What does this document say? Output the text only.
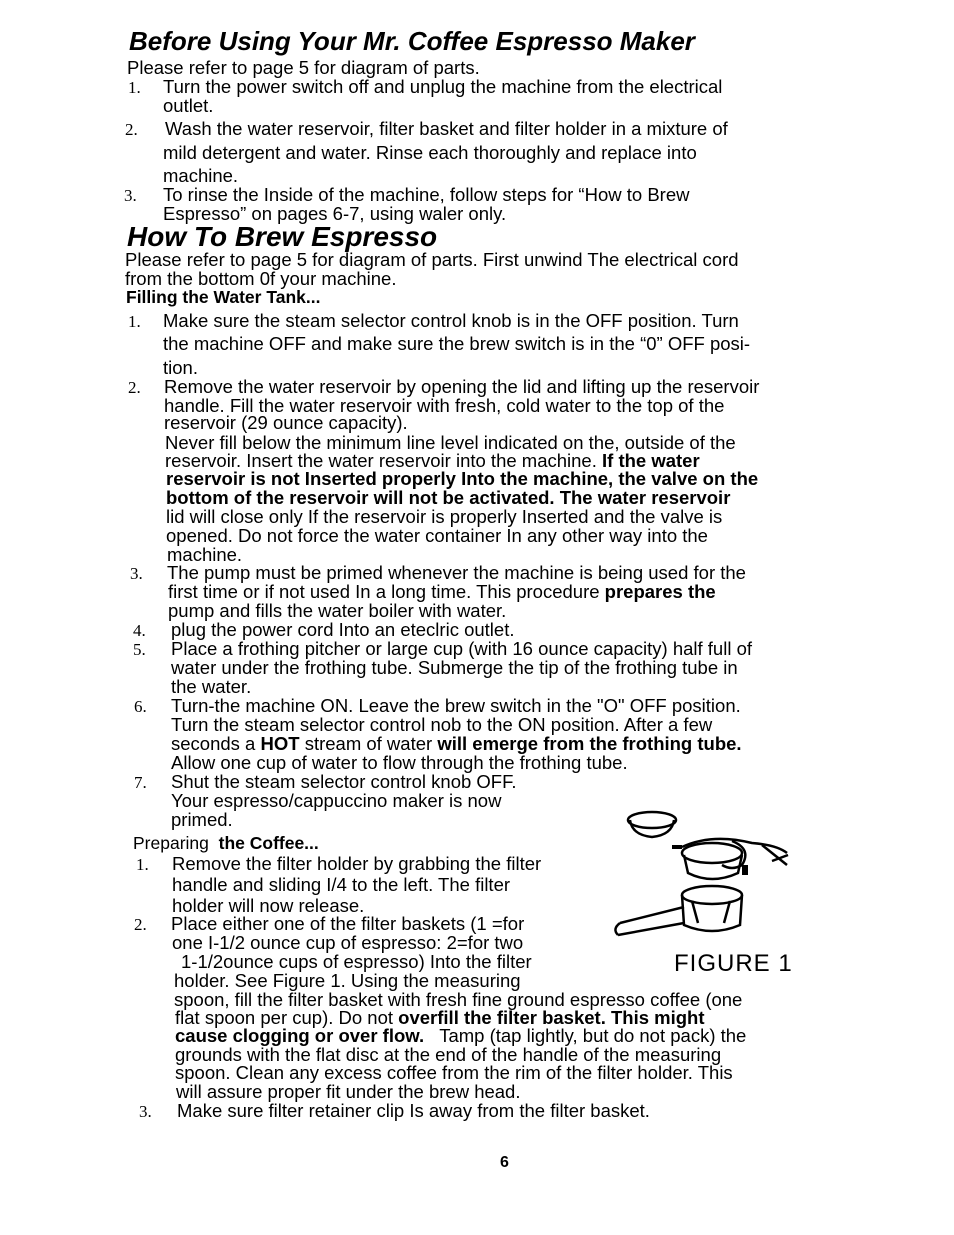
Before Using Your Mr. Coffee Espresso Maker
Please refer to page 5 for diagram of parts.
1. Turn the power switch off and unplug the machine from the electrical
outlet.
2. Wash the water reservoir, filter basket and filter holder in a mixture of
mild detergent and water. Rinse each thoroughly and replace into
machine.
3. To rinse the Inside of the machine, follow steps for “How to Brew
Espresso” on pages 6-7, using waler only.
How To Brew Espresso
Please refer to page 5 for diagram of parts. First unwind The electrical cord
from the bottom 0f your machine.
Filling the Water Tank...
1. Make sure the steam selector control knob is in the OFF position. Turn
the machine OFF and make sure the brew switch is in the “0” OFF posi-
tion.
2. Remove the water reservoir by opening the lid and lifting up the reservoir
handle. Fill the water reservoir with fresh, cold water to the top of the
reservoir (29 ounce capacity).
Never fill below the minimum line level indicated on the, outside of the
reservoir. Insert the water reservoir into the machine. If the water
reservoir is not Inserted properly Into the machine, the valve on the
bottom of the reservoir will not be activated. The water reservoir
lid will close only If the reservoir is properly Inserted and the valve is
opened. Do not force the water container In any other way into the
machine.
3. The pump must be primed whenever the machine is being used for the
first time or if not used In a long time. This procedure prepares the
pump and fills the water boiler with water.
4. plug the power cord Into an eteclric outlet.
5. Place a frothing pitcher or large cup (with 16 ounce capacity) half full of
water under the frothing tube. Submerge the tip of the frothing tube in
the water.
6. Turn-the machine ON. Leave the brew switch in the "O" OFF position.
Turn the steam selector control nob to the ON position. After a few
seconds a HOT stream of water will emerge from the frothing tube.
Allow one cup of water to flow through the frothing tube.
7. Shut the steam selector control knob OFF.
Your espresso/cappuccino maker is now
primed.
Preparing the Coffee...
1. Remove the filter holder by grabbing the filter
handle and sliding I/4 to the left. The filter
holder will now release.
2. Place either one of the filter baskets (1 =for
one I-1/2 ounce cup of espresso: 2=for two
1-1/2ounce cups of espresso) Into the filter
holder. See Figure 1. Using the measuring
spoon, fill the filter basket with fresh fine ground espresso coffee (one
flat spoon per cup). Do not overfill the filter basket. This might
cause clogging or over flow. Tamp (tap lightly, but do not pack) the
grounds with the flat disc at the end of the handle of the measuring
spoon. Clean any excess coffee from the rim of the filter holder. This
will assure proper fit under the brew head.
3. Make sure filter retainer clip Is away from the filter basket.
FIGURE 1
6
